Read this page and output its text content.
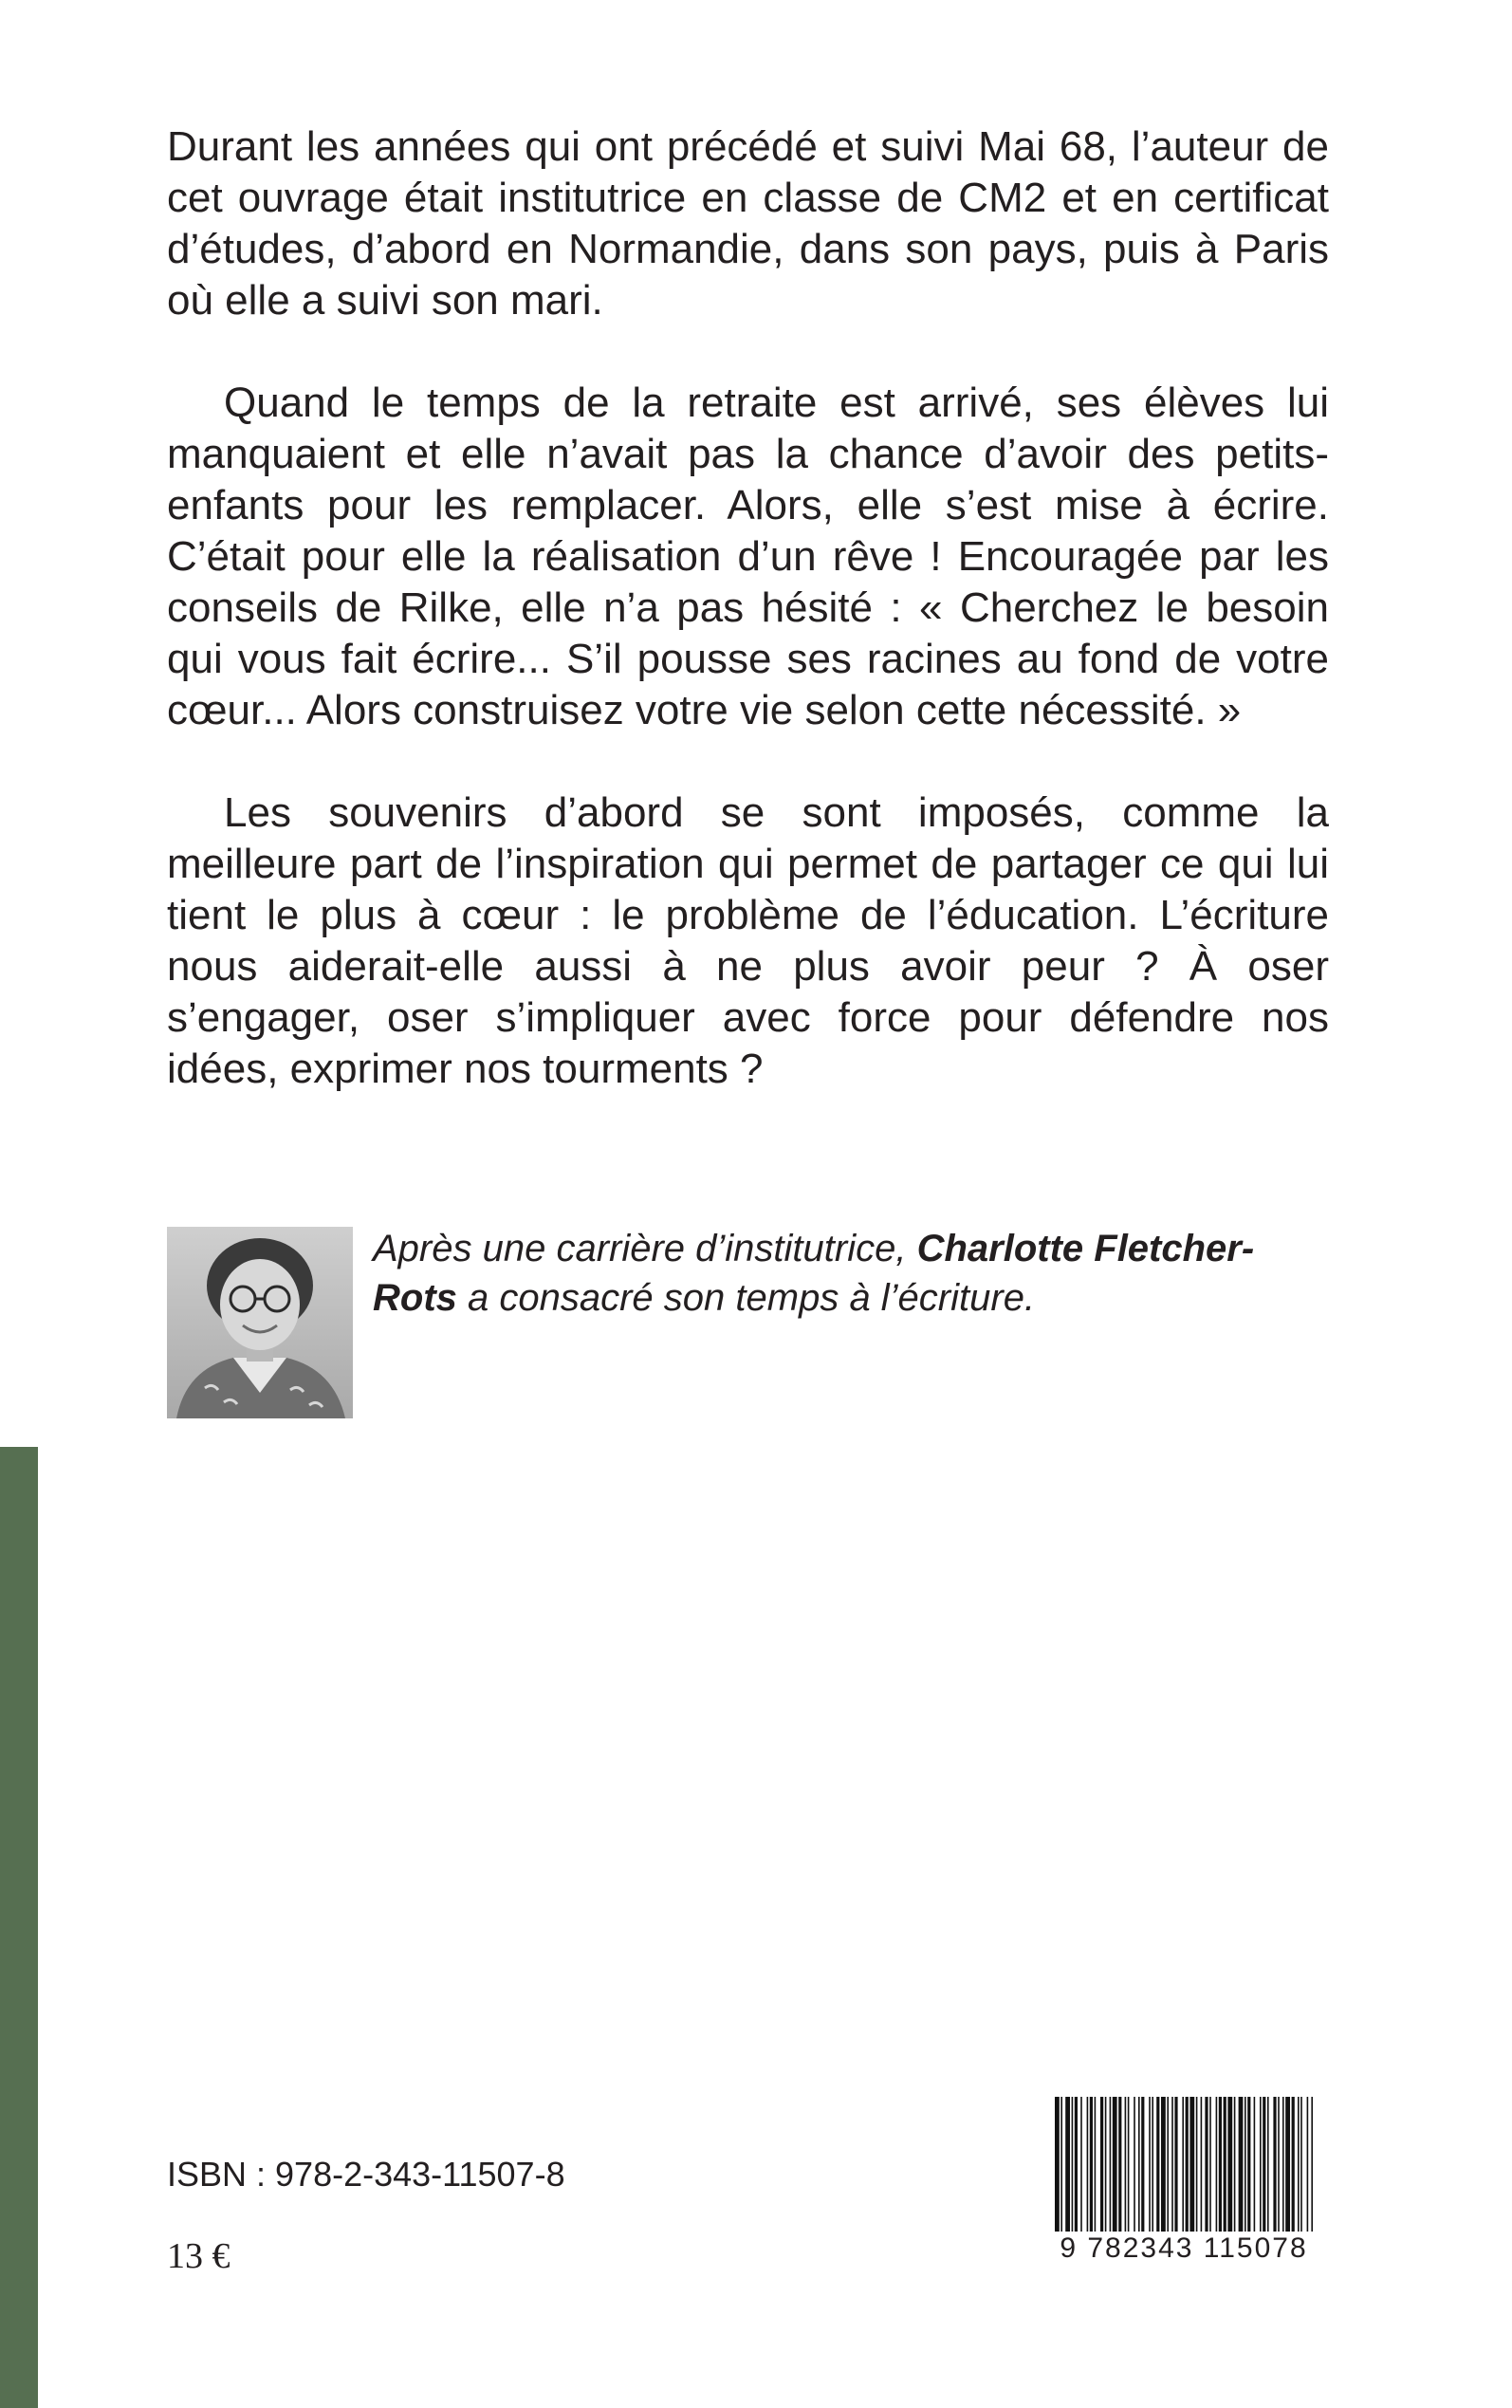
Durant les années qui ont précédé et suivi Mai 68, l’auteur de cet ouvrage était institutrice en classe de CM2 et en certificat d’études, d’abord en Normandie, dans son pays, puis à Paris où elle a suivi son mari.

Quand le temps de la retraite est arrivé, ses élèves lui manquaient et elle n’avait pas la chance d’avoir des petits-enfants pour les remplacer. Alors, elle s’est mise à écrire. C’était pour elle la réalisation d’un rêve ! Encouragée par les conseils de Rilke, elle n’a pas hésité : « Cherchez le besoin qui vous fait écrire... S’il pousse ses racines au fond de votre cœur... Alors construisez votre vie selon cette nécessité. »

Les souvenirs d’abord se sont imposés, comme la meilleure part de l’inspiration qui permet de partager ce qui lui tient le plus à cœur : le problème de l’éducation. L’écriture nous aiderait-elle aussi à ne plus avoir peur ? À oser s’engager, oser s’impliquer avec force pour défendre nos idées, exprimer nos tourments ?

Après une carrière d’institutrice, Charlotte Fletcher-Rots a consacré son temps à l’écriture.
ISBN : 978-2-343-11507-8
13 €	9 782343 115078
